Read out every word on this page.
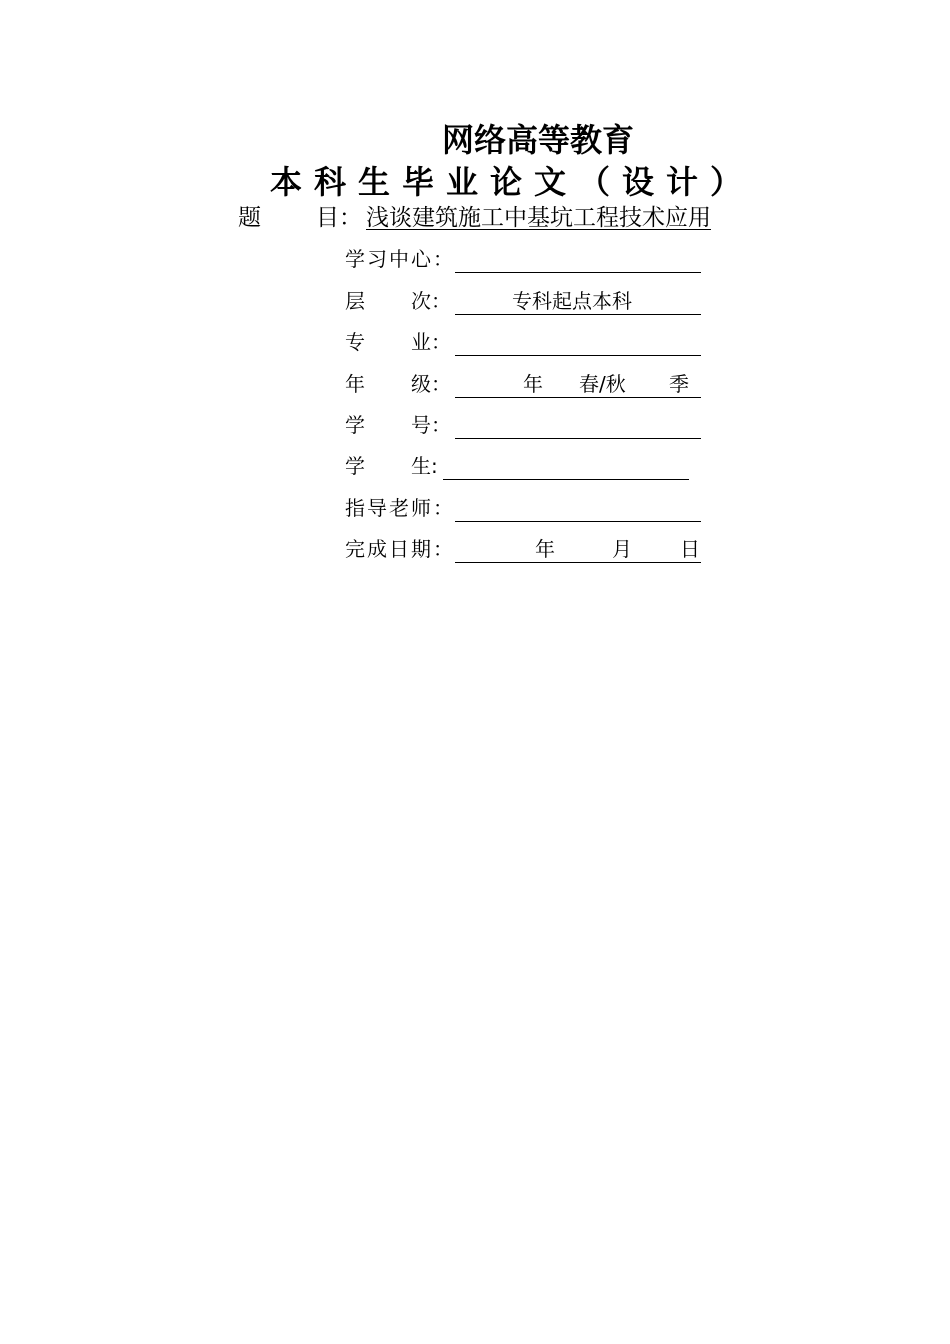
网络高等教育
本科生毕业论文（设计）
题 目： 浅谈建筑施工中基坑工程技术应用
学习中心：
层 次：	专科起点本科
专 业：
年 级：	年 春/秋 季
学 号：
学 生:
指导老师：
完成日期：	年	月 日
